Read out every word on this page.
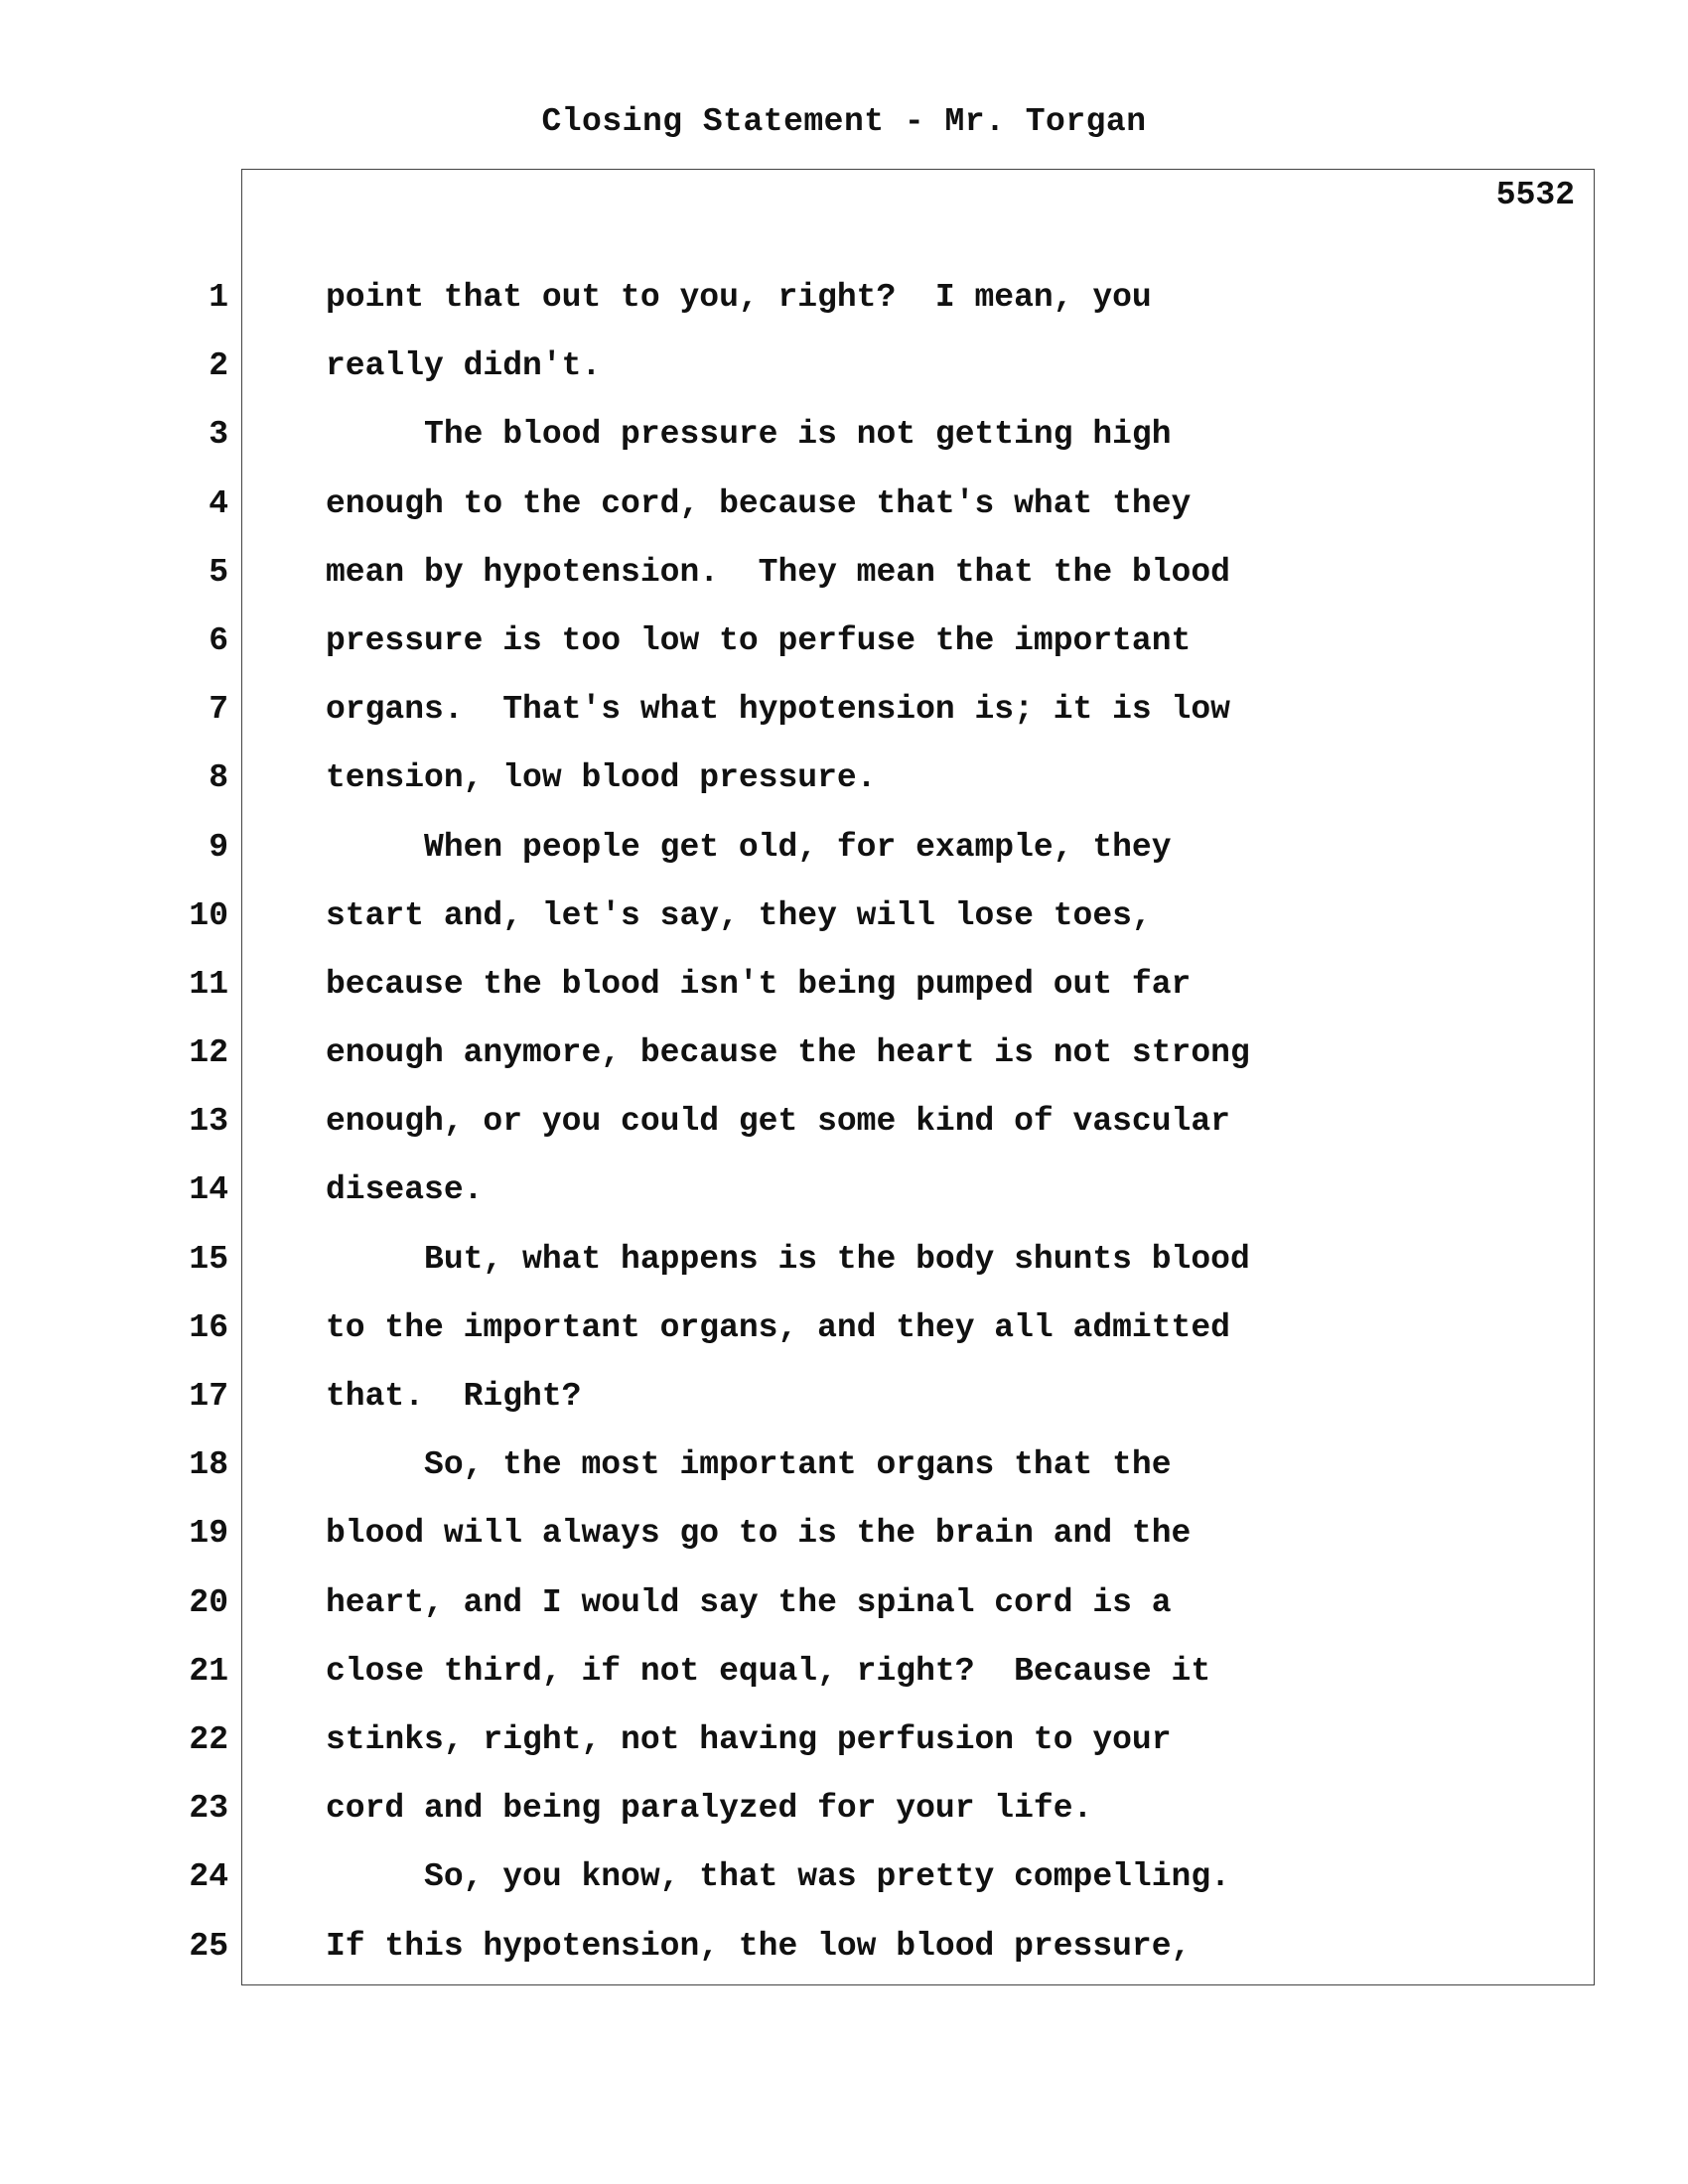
Closing Statement - Mr. Torgan
5532
1	point that out to you, right?  I mean, you
2	really didn't.
3	The blood pressure is not getting high
4	enough to the cord, because that's what they
5	mean by hypotension.  They mean that the blood
6	pressure is too low to perfuse the important
7	organs.  That's what hypotension is; it is low
8	tension, low blood pressure.
9	When people get old, for example, they
10	start and, let's say, they will lose toes,
11	because the blood isn't being pumped out far
12	enough anymore, because the heart is not strong
13	enough, or you could get some kind of vascular
14	disease.
15	But, what happens is the body shunts blood
16	to the important organs, and they all admitted
17	that.  Right?
18	So, the most important organs that the
19	blood will always go to is the brain and the
20	heart, and I would say the spinal cord is a
21	close third, if not equal, right?  Because it
22	stinks, right, not having perfusion to your
23	cord and being paralyzed for your life.
24	So, you know, that was pretty compelling.
25	If this hypotension, the low blood pressure,
